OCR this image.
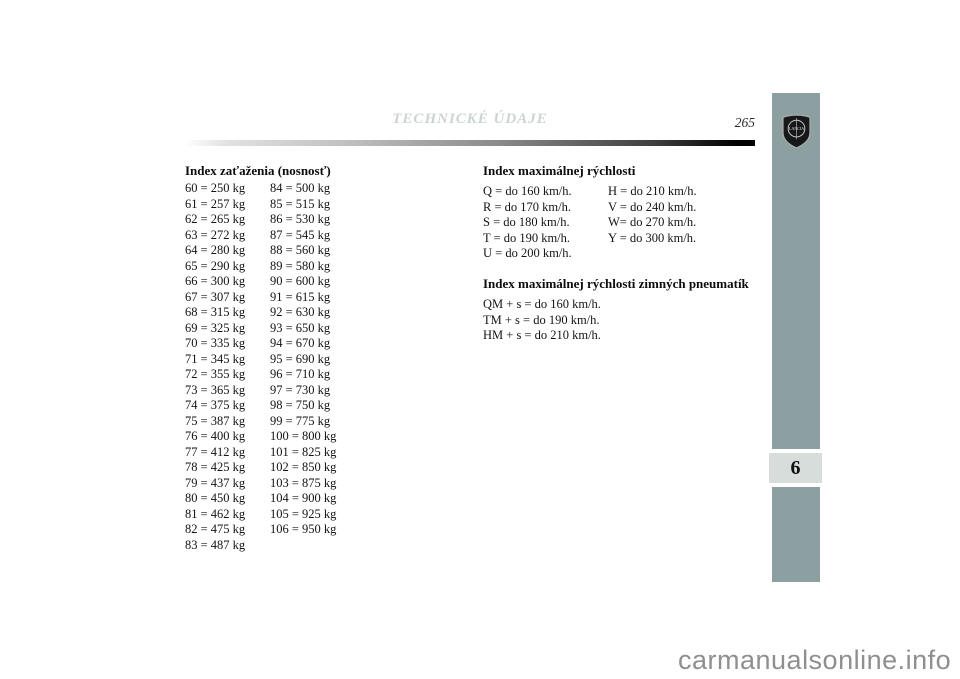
TECHNICKÉ ÚDAJE	265	LANCIA
6
Index zaťaženia (nosnosť)
60 = 250 kg
61 = 257 kg
62 = 265 kg
63 = 272 kg
64 = 280 kg
65 = 290 kg
66 = 300 kg
67 = 307 kg
68 = 315 kg
69 = 325 kg
70 = 335 kg
71 = 345 kg
72 = 355 kg
73 = 365 kg
74 = 375 kg
75 = 387 kg
76 = 400 kg
77 = 412 kg
78 = 425 kg
79 = 437 kg
80 = 450 kg
81 = 462 kg
82 = 475 kg
83 = 487 kg
84 = 500 kg
85 = 515 kg
86 = 530 kg
87 = 545 kg
88 = 560 kg
89 = 580 kg
90 = 600 kg
91 = 615 kg
92 = 630 kg
93 = 650 kg
94 = 670 kg
95 = 690 kg
96 = 710 kg
97 = 730 kg
98 = 750 kg
99 = 775 kg
100 = 800 kg
101 = 825 kg
102 = 850 kg
103 = 875 kg
104 = 900 kg
105 = 925 kg
106 = 950 kg
Index maximálnej rýchlosti
Q = do 160 km/h.
R = do 170 km/h.
S = do 180 km/h.
T = do 190 km/h.
U = do 200 km/h.
H = do 210 km/h.
V = do 240 km/h.
W= do 270 km/h.
Y = do 300 km/h.
Index maximálnej rýchlosti zimných pneumatík
QM + s = do 160 km/h.
TM + s = do 190 km/h.
HM + s = do 210 km/h.
carmanualsonline.info
